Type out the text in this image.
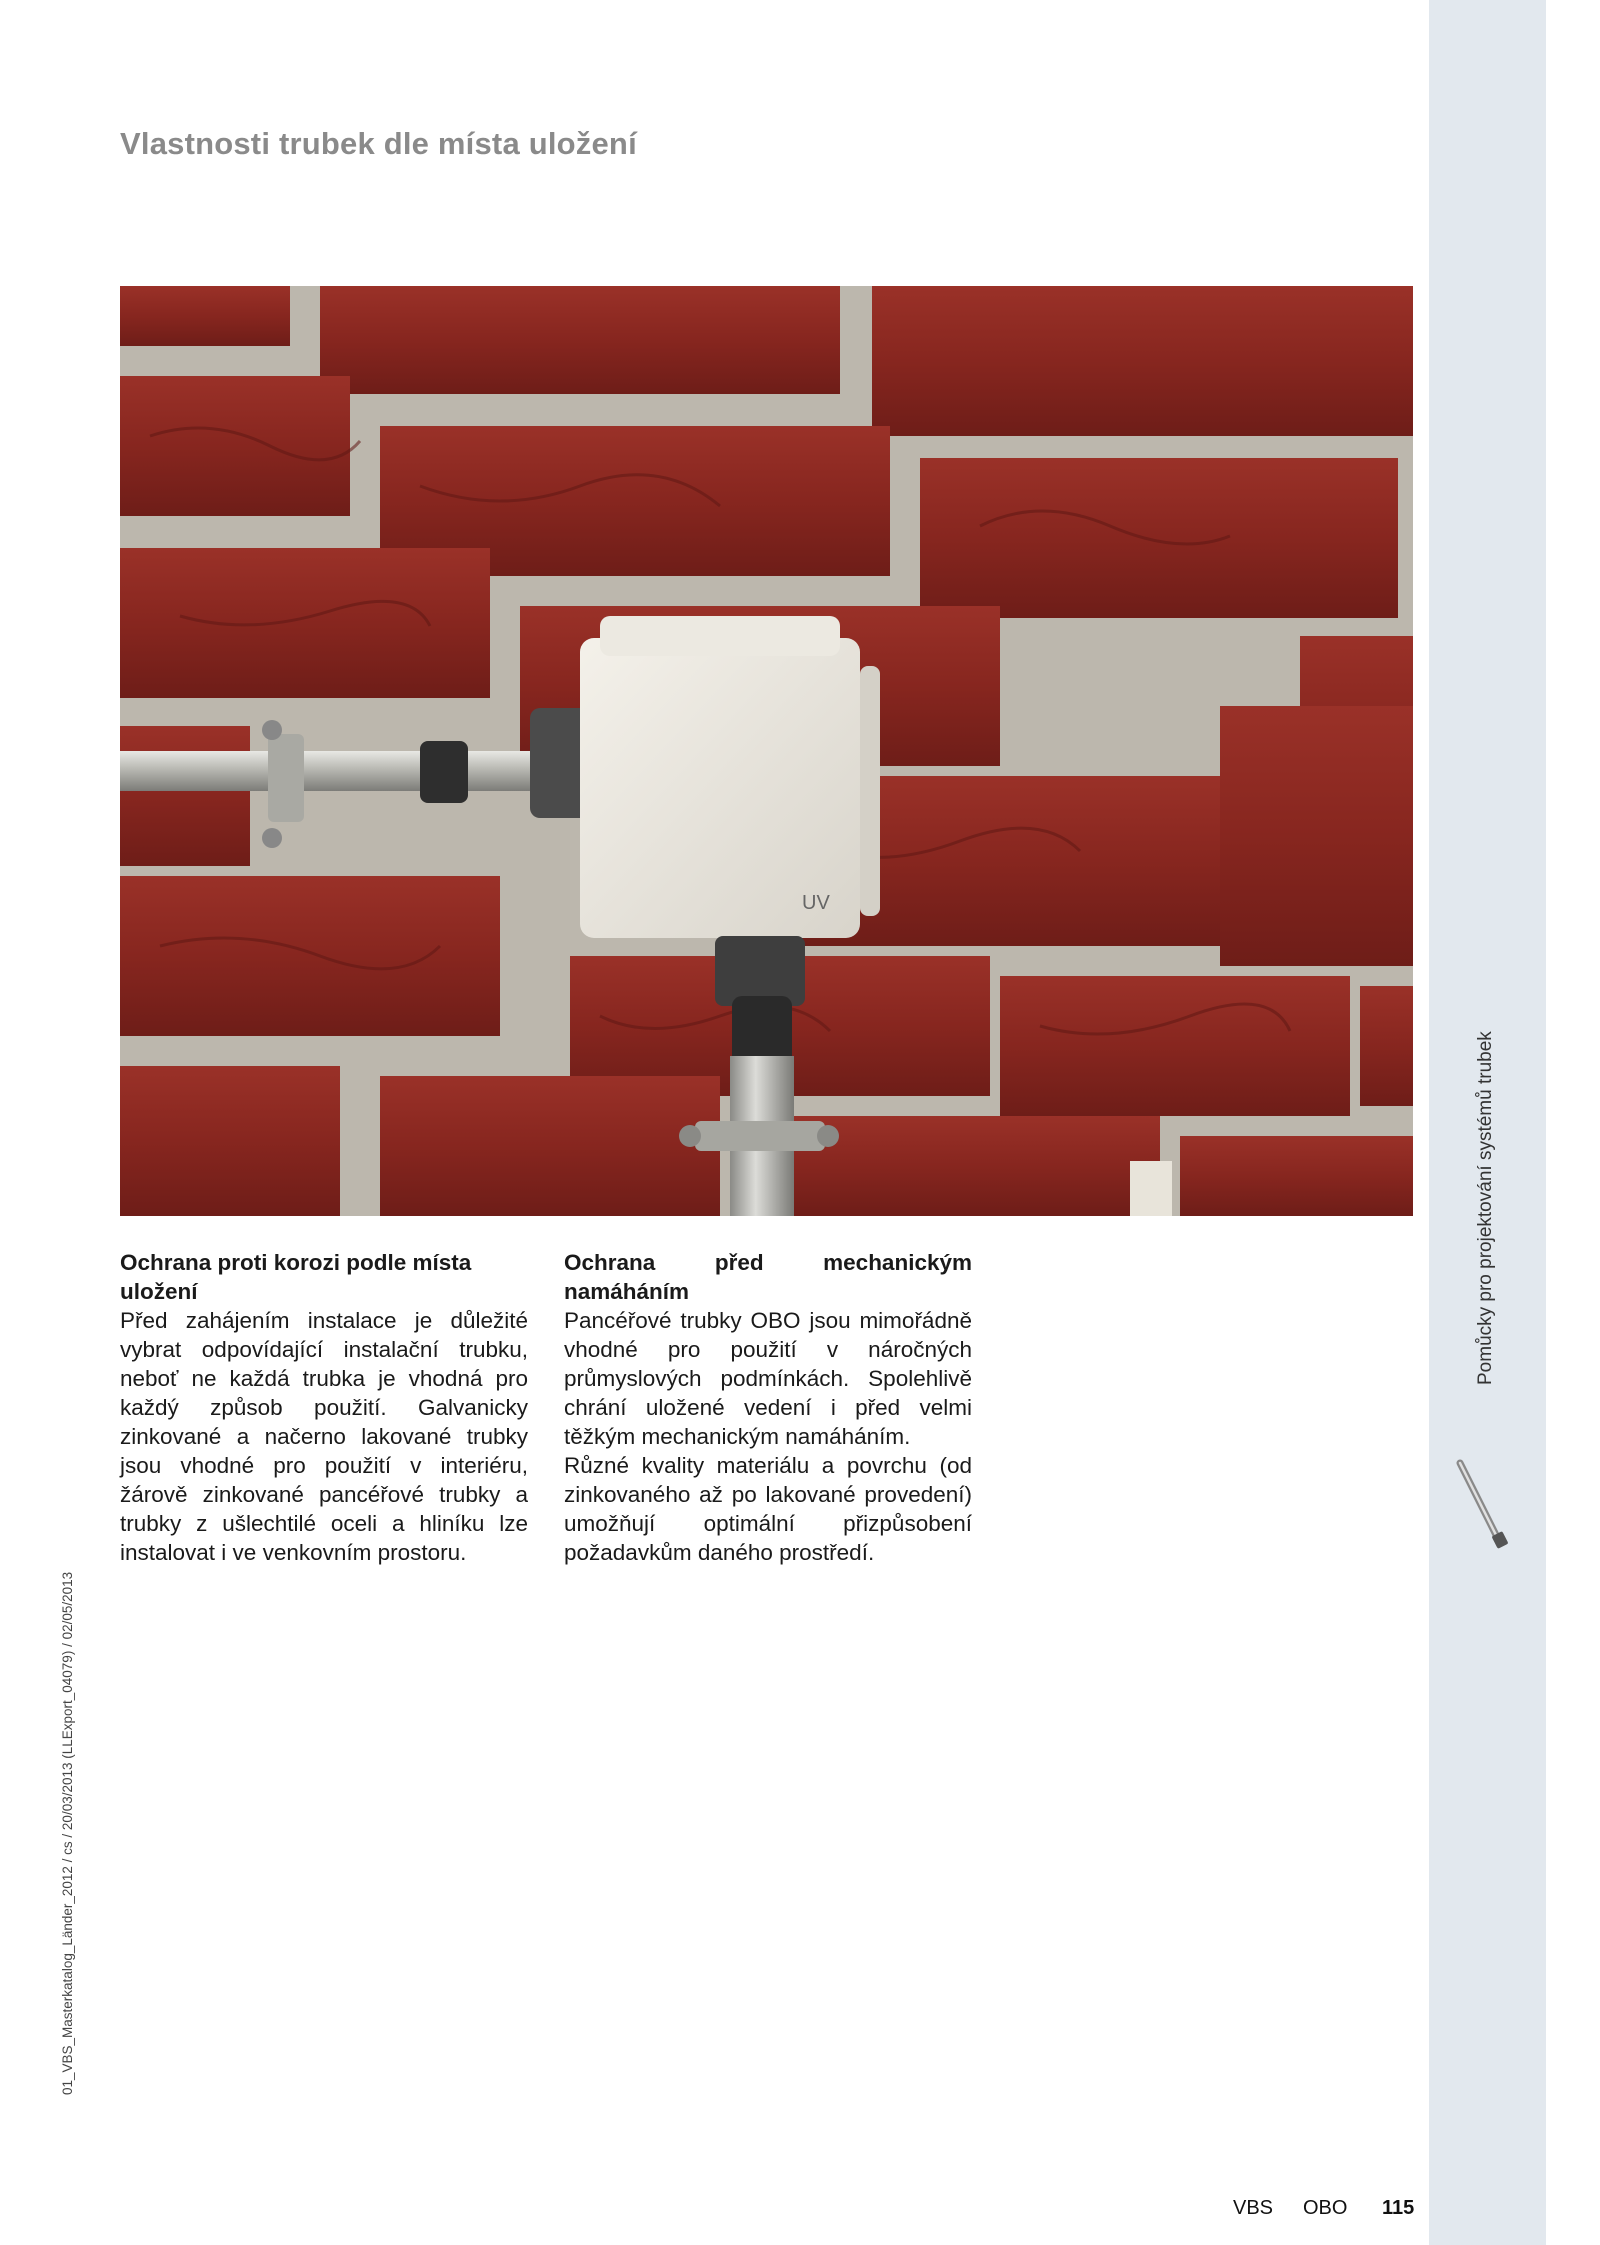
Vlastnosti trubek dle místa uložení
UV
Ochrana proti korozi podle místa uložení

Před zahájením instalace je důležité vybrat odpovídající instalační trubku, neboť ne každá trubka je vhodná pro každý způsob použití. Galvanicky zinkované a načerno lakované trubky jsou vhodné pro použití v interiéru, žárově zinkované pancéřové trubky a trubky z ušlechtilé oceli a hliníku lze instalovat i ve venkovním prostoru.

Ochrana před mechanickým namáháním

Pancéřové trubky OBO jsou mimořádně vhodné pro použití v náročných průmyslových podmínkách. Spolehlivě chrání uložené vedení i před velmi těžkým mechanickým namáháním.

Různé kvality materiálu a povrchu (od zinkovaného až po lakované provedení) umožňují optimální přizpůsobení požadavkům daného prostředí.

Pomůcky pro projektování systémů trubek
01_VBS_Masterkatalog_Länder_2012 / cs / 20/03/2013 (LLExport_04079) / 02/05/2013
VBS OBO 115
